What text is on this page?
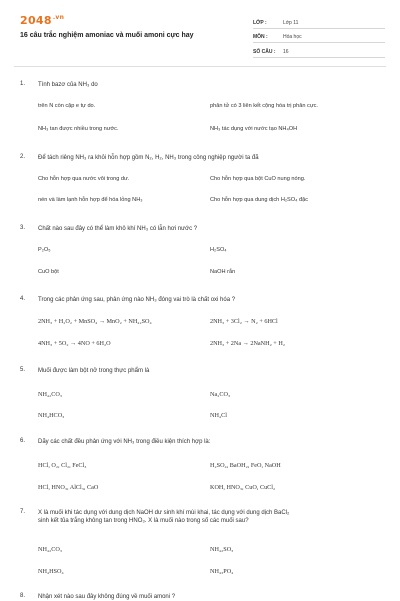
$2048^{.vn}$
16 câu trắc nghiệm amoniac và muối amoni cực hay
LỚP :	Lớp 11
MÔN :	Hóa học
SỐ CÂU :	16
1. Tính bazơ của NH₃ do
trên N còn cặp e tự do.	phân tử có 3 liên kết cộng hóa trị phân cực.
NH₃ tan được nhiều trong nước.	NH₃ tác dụng với nước tạo NH₄OH
2. Để tách riêng NH₃ ra khỏi hỗn hợp gồm N₂, H₂, NH₃ trong công nghiệp người ta đã
Cho hỗn hợp qua nước vôi trong dư.	Cho hỗn hợp qua bột CuO nung nóng.
nén và làm lạnh hỗn hợp để hóa lỏng NH₃	Cho hỗn hợp qua dung dịch H₂SO₄ đặc
3. Chất nào sau đây có thể làm khô khí NH₃ có lẫn hơi nước ?
P₂O₅	H₂SO₄
CuO bột	NaOH rắn
4. Trong các phản ứng sau, phản ứng nào NH₃ đóng vai trò là chất oxi hóa ?
2NH₃ + H₂O₂ + MnSO₄ → MnO₂ + NH₄₂SO₄	2NH₃ + 3Cl₂ → N₂ + 6HCl
4NH₃ + 5O₂ → 4NO + 6H₂O	2NH₃ + 2Na → 2NaNH₂ + H₂
5. Muối được làm bột nở trong thực phẩm là
NH₄₂CO₃	Na₂CO₃
NH₄HCO₃	NH₄Cl
6. Dãy các chất đều phản ứng với NH₃ trong điều kiện thích hợp là:
HCl, O₂, Cl₂, FeCl₃	H₂SO₄, BaOH₂, FeO, NaOH
HCl, HNO₃, AlCl₃, CaO	KOH, HNO₃, CuO, CuCl₂
7. X là muối khi tác dụng với dung dịch NaOH dư sinh khí mùi khai, tác dụng với dung dịch BaCl₂
sinh kết tủa trắng không tan trong HNO₃. X là muối nào trong số các muối sau?
NH₄₂CO₃	NH₄₂SO₃
NH₄HSO₄	NH₄₃PO₄
8. Nhận xét nào sau đây không đúng về muối amoni ?
